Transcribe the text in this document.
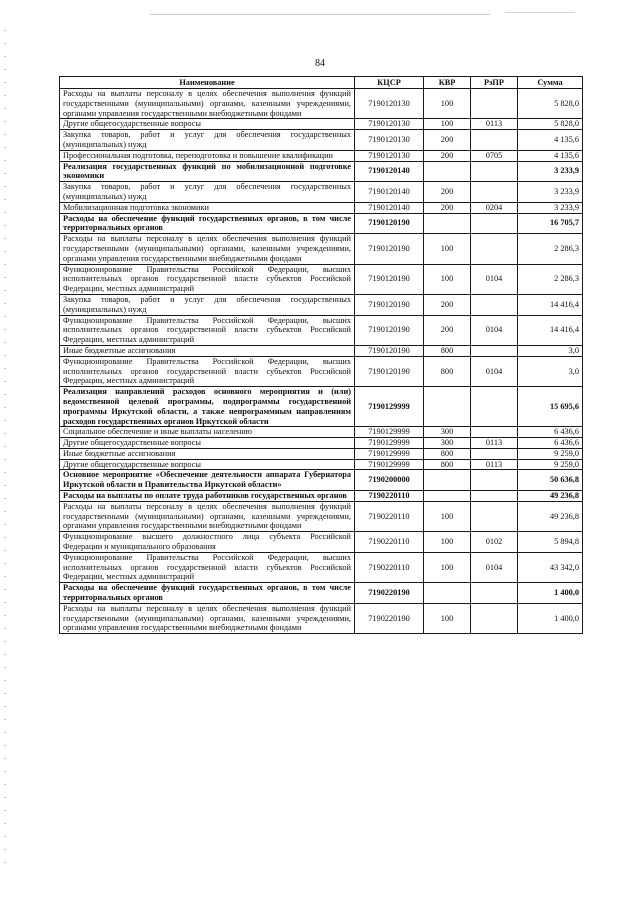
84
Наименование	КЦСР	КВР	РзПР	Сумма
Расходы на выплаты персоналу в целях обеспечения выполнения функций государственными (муниципальными) органами, казенными учреждениями, органами управления государственными внебюджетными фондами	7190120130	100		5 828,0
Другие общегосударственные вопросы	7190120130	100	0113	5 828,0
Закупка товаров, работ и услуг для обеспечения государственных (муниципальных) нужд	7190120130	200		4 135,6
Профессиональная подготовка, переподготовка и повышение квалификации	7190120130	200	0705	4 135,6
Реализация государственных функций по мобилизационной подготовке экономики	7190120140			3 233,9
Закупка товаров, работ и услуг для обеспечения государственных (муниципальных) нужд	7190120140	200		3 233,9
Мобилизационная подготовка экономики	7190120140	200	0204	3 233,9
Расходы на обеспечение функций государственных органов, в том числе территориальных органов	7190120190			16 705,7
Расходы на выплаты персоналу в целях обеспечения выполнения функций государственными (муниципальными) органами, казенными учреждениями, органами управления государственными внебюджетными фондами	7190120190	100		2 286,3
Функционирование Правительства Российской Федерации, высших исполнительных органов государственной власти субъектов Российской Федерации, местных администраций	7190120190	100	0104	2 286,3
Закупка товаров, работ и услуг для обеспечения государственных (муниципальных) нужд	7190120190	200		14 416,4
Функционирование Правительства Российской Федерации, высших исполнительных органов государственной власти субъектов Российской Федерации, местных администраций	7190120190	200	0104	14 416,4
Иные бюджетные ассигнования	7190120190	800		3,0
Функционирование Правительства Российской Федерации, высших исполнительных органов государственной власти субъектов Российской Федерации, местных администраций	7190120190	800	0104	3,0
Реализация направлений расходов основного мероприятия и (или) ведомственной целевой программы, подпрограммы государственной программы Иркутской области, а также непрограммным направлениям расходов государственных органов Иркутской области	7190129999			15 695,6
Социальное обеспечение и иные выплаты населению	7190129999	300		6 436,6
Другие общегосударственные вопросы	7190129999	300	0113	6 436,6
Иные бюджетные ассигнования	7190129999	800		9 259,0
Другие общегосударственные вопросы	7190129999	800	0113	9 259,0
Основное мероприятие «Обеспечение деятельности аппарата Губернатора Иркутской области и Правительства Иркутской области»	7190200000			50 636,8
Расходы на выплаты по оплате труда работников государственных органов	7190220110			49 236,8
Расходы на выплаты персоналу в целях обеспечения выполнения функций государственными (муниципальными) органами, казенными учреждениями, органами управления государственными внебюджетными фондами	7190220110	100		49 236,8
Функционирование высшего должностного лица субъекта Российской Федерации и муниципального образования	7190220110	100	0102	5 894,8
Функционирование Правительства Российской Федерации, высших исполнительных органов государственной власти субъектов Российской Федерации, местных администраций	7190220110	100	0104	43 342,0
Расходы на обеспечение функций государственных органов, в том числе территориальных органов	7190220190			1 400,0
Расходы на выплаты персоналу в целях обеспечения выполнения функций государственными (муниципальными) органами, казенными учреждениями, органами управления государственными внебюджетными фондами	7190220190	100		1 400,0
